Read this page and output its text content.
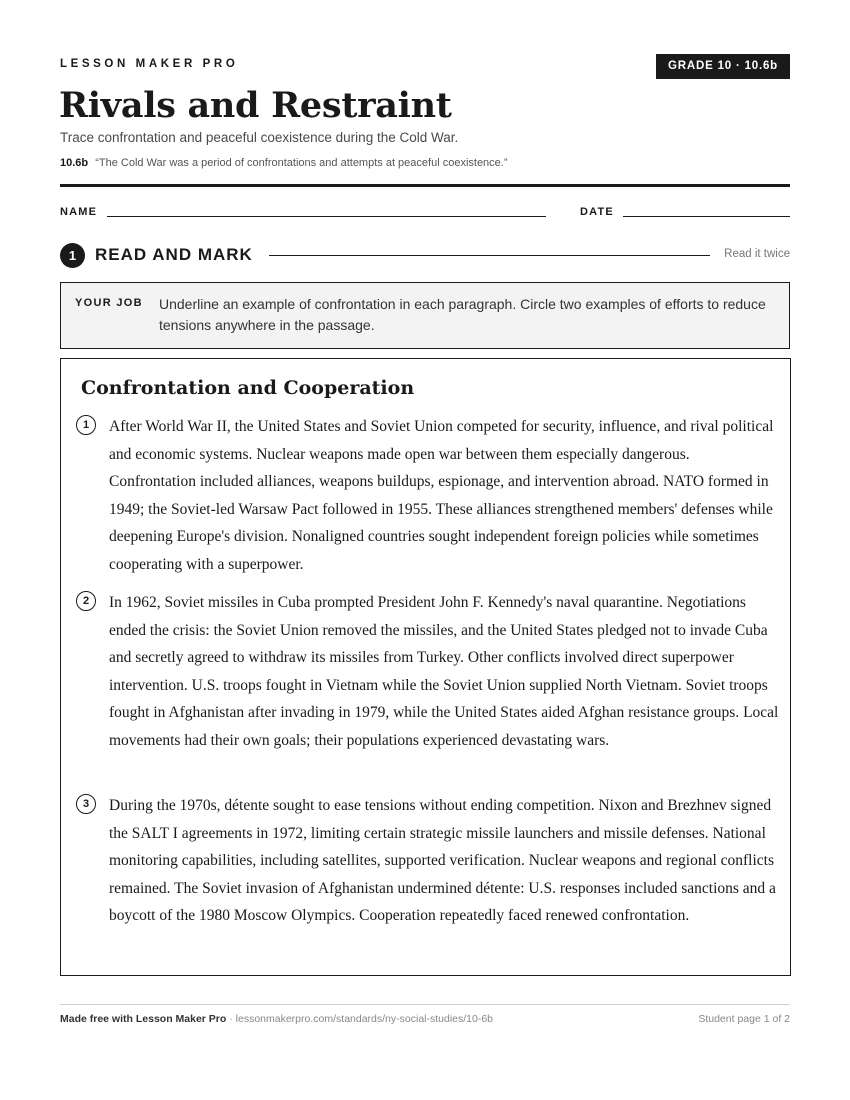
LESSON MAKER PRO	GRADE 10 · 10.6b
Rivals and Restraint
Trace confrontation and peaceful coexistence during the Cold War.
10.6b “The Cold War was a period of confrontations and attempts at peaceful coexistence.”
NAME	DATE
1	READ AND MARK	Read it twice
YOUR JOB Underline an example of confrontation in each paragraph. Circle two examples of efforts to reduce tensions anywhere in the passage.
Confrontation and Cooperation
1	After World War II, the United States and Soviet Union competed for security, influence, and rival political and economic systems. Nuclear weapons made open war between them especially dangerous. Confrontation included alliances, weapons buildups, espionage, and intervention abroad. NATO formed in 1949; the Soviet-led Warsaw Pact followed in 1955. These alliances strengthened members' defenses while deepening Europe's division. Nonaligned countries sought independent foreign policies while sometimes cooperating with a superpower.

2	In 1962, Soviet missiles in Cuba prompted President John F. Kennedy's naval quarantine. Negotiations ended the crisis: the Soviet Union removed the missiles, and the United States pledged not to invade Cuba and secretly agreed to withdraw its missiles from Turkey. Other conflicts involved direct superpower intervention. U.S. troops fought in Vietnam while the Soviet Union supplied North Vietnam. Soviet troops fought in Afghanistan after invading in 1979, while the United States aided Afghan resistance groups. Local movements had their own goals; their populations experienced devastating wars.

3	During the 1970s, détente sought to ease tensions without ending competition. Nixon and Brezhnev signed the SALT I agreements in 1972, limiting certain strategic missile launchers and missile defenses. National monitoring capabilities, including satellites, supported verification. Nuclear weapons and regional conflicts remained. The Soviet invasion of Afghanistan undermined détente: U.S. responses included sanctions and a boycott of the 1980 Moscow Olympics. Cooperation repeatedly faced renewed confrontation.

Made free with Lesson Maker Pro · lessonmakerpro.com/standards/ny-social-studies/10-6b	Student page 1 of 2
